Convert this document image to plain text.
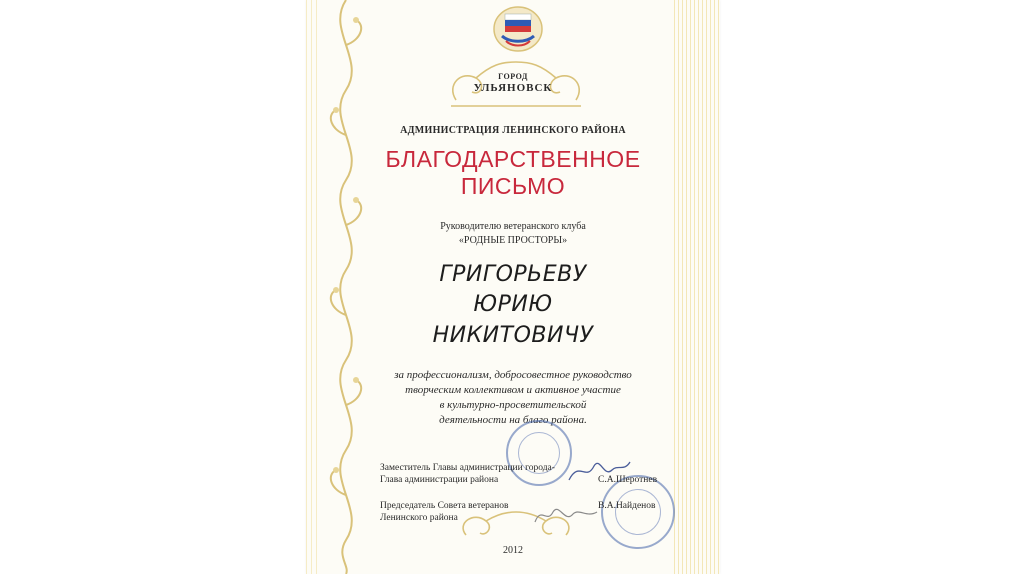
ГОРОД
УЛЬЯНОВСК
АДМИНИСТРАЦИЯ ЛЕНИНСКОГО РАЙОНА
БЛАГОДАРСТВЕННОЕ
ПИСЬМО
Руководителю ветеранского клуба
«РОДНЫЕ ПРОСТОРЫ»
ГРИГОРЬЕВУ
ЮРИЮ
НИКИТОВИЧУ
за профессионализм, добросовестное руководство
творческим коллективом и активное участие
в культурно-просветительской
деятельности на благо района.
Заместитель Главы администрации города-
Глава администрации района	С.А.Шеротнев
Председатель Совета ветеранов
Ленинского района
В.А.Найденов
2012
